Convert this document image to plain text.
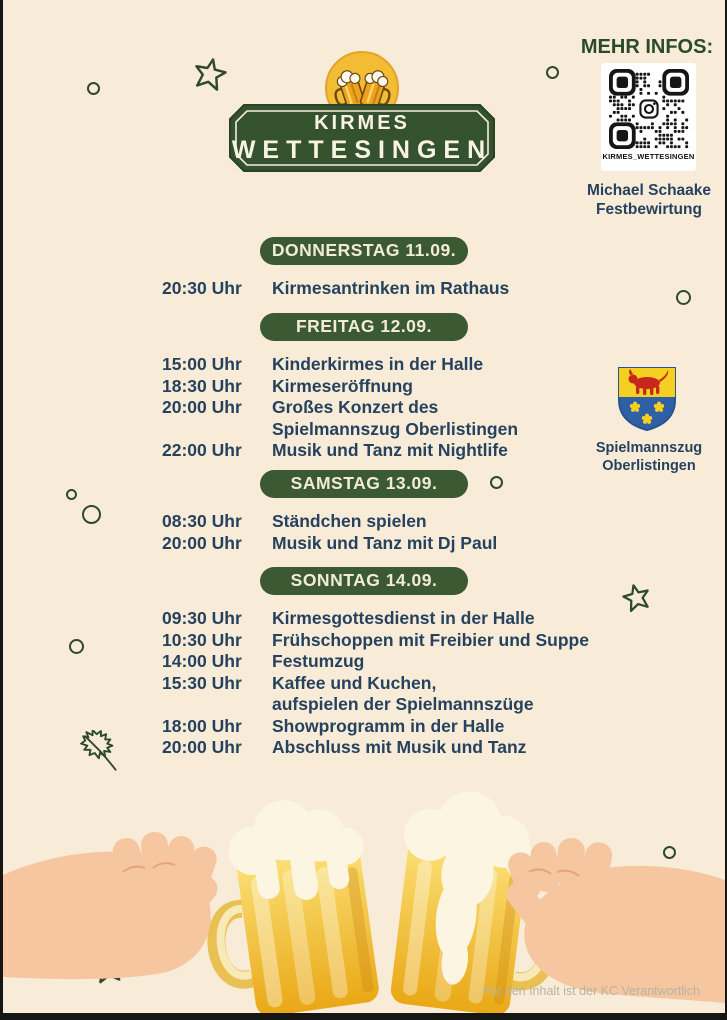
KIRMES
WETTESINGEN
MEHR INFOS:
KIRMES_WETTESINGEN
Michael Schaake
Festbewirtung
Spielmannszug
Oberlistingen
DONNERSTAG 11.09.
20:30 Uhr	Kirmesantrinken im Rathaus
FREITAG 12.09.
15:00 Uhr	Kinderkirmes in der Halle
18:30 Uhr	Kirmeseröffnung
20:00 Uhr	Großes Konzert des
Spielmannszug Oberlistingen
22:00 Uhr	Musik und Tanz mit Nightlife
SAMSTAG 13.09.
08:30 Uhr	Ständchen spielen
20:00 Uhr	Musik und Tanz mit Dj Paul
SONNTAG 14.09.
09:30 Uhr	Kirmesgottesdienst in der Halle
10:30 Uhr	Frühschoppen mit Freibier und Suppe
14:00 Uhr	Festumzug
15:30 Uhr	Kaffee und Kuchen,
aufspielen der Spielmannszüge
18:00 Uhr	Showprogramm in der Halle
20:00 Uhr	Abschluss mit Musik und Tanz
Für den Inhalt ist der KC Verantwortlich
